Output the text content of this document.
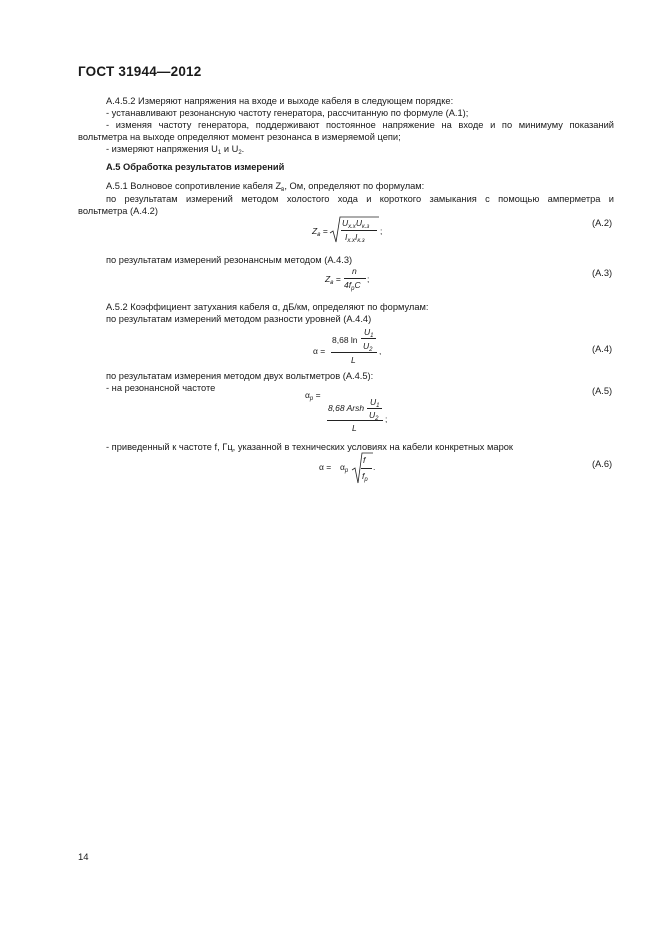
ГОСТ 31944—2012
А.4.5.2 Измеряют напряжения на входе и выходе кабеля в следующем порядке:
- устанавливают резонансную частоту генератора, рассчитанную по формуле (А.1);
- изменяя частоту генератора, поддерживают постоянное напряжение на входе и по минимуму показаний
вольтметра на выходе определяют момент резонанса в измеряемой цепи;
- измеряют напряжения $U_1$ и $U_2$.
А.5 Обработка результатов измерений
А.5.1 Волновое сопротивление кабеля $Z_в$, Ом, определяют по формулам:
по результатам измерений методом холостого хода и короткого замыкания с помощью амперметра и
вольтметра (А.4.2)
$Z_в$ =
$U_{х.х}U_{к.з}$
$I_{х.х}I_{к.з}$
;
(А.2)
по результатам измерений резонансным методом (А.4.3)
$Z_в$ =
n
$4f_рC$
;
(А.3)
А.5.2 Коэффициент затухания кабеля α, дБ/км, определяют по формулам:
по результатам измерений методом разности уровней (А.4.4)
α =
8,68 ln
$U_1$
$U_2$
L
,	(А.4)
по результатам измерения методом двух вольтметров (А.4.5):
- на резонансной частоте
$\alpha_р$ =
8,68 Arsh
$U_1$
$U_2$
L
;
(А.5)
- приведенный к частоте f, Гц, указанной в технических условиях на кабели конкретных марок
$\alpha = \alpha_р$
f
$f_р$
.	(А.6)
14
